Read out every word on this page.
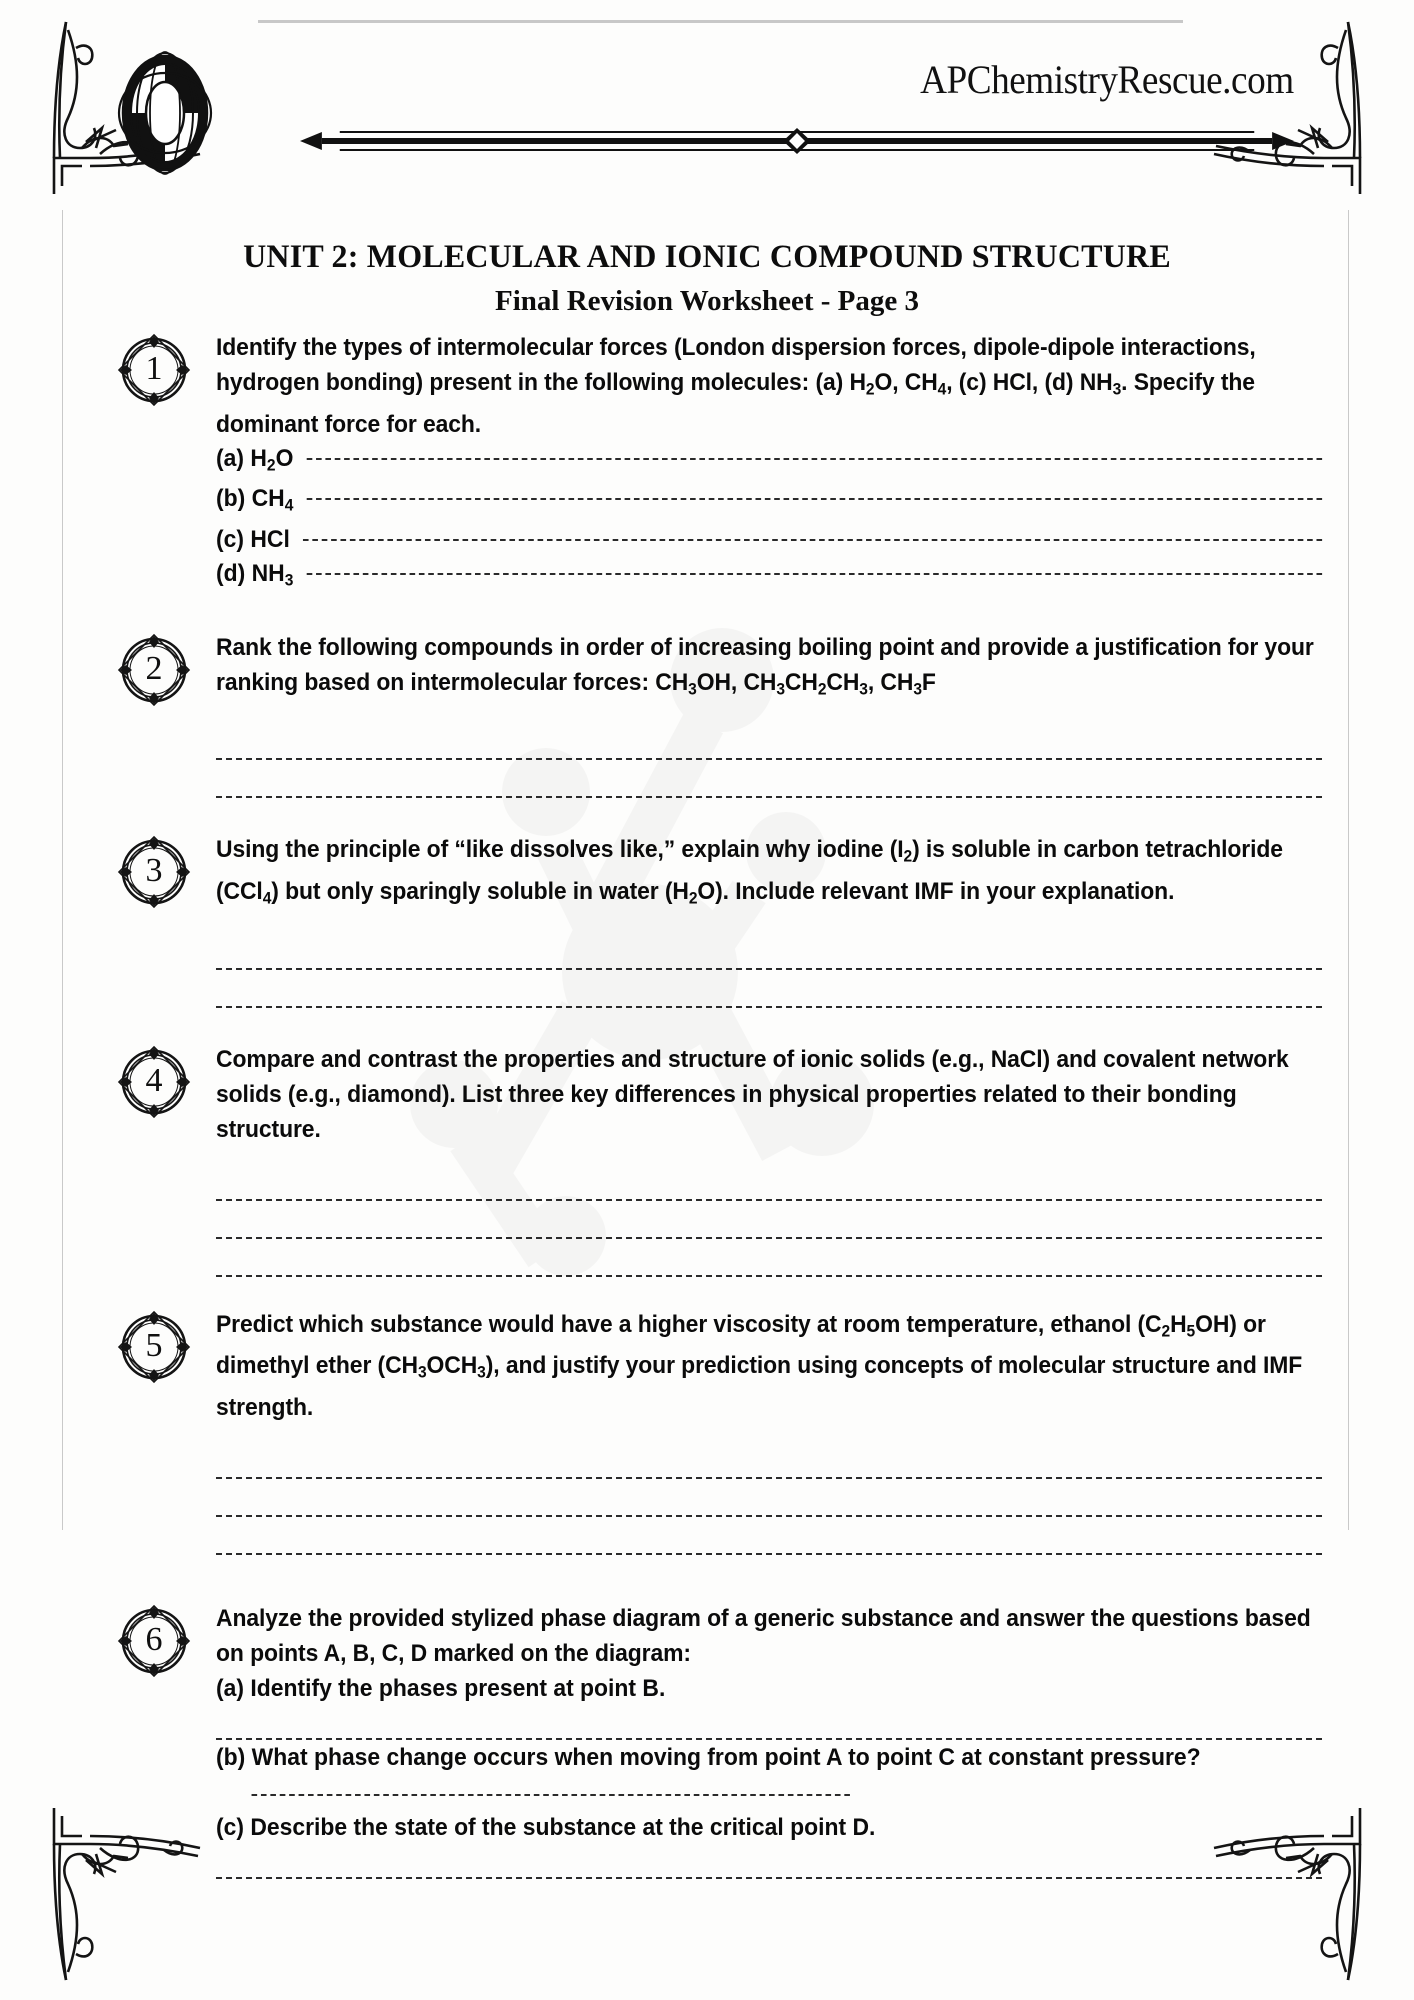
APChemistryRescue.com
UNIT 2: MOLECULAR AND IONIC COMPOUND STRUCTURE
Final Revision Worksheet - Page 3
1
Identify the types of intermolecular forces (London dispersion forces, dipole-dipole interactions, hydrogen bonding) present in the following molecules: (a) $H_2O$, $CH_4$, (c) HCl, (d) $NH_3$. Specify the dominant force for each.
(a) $H_2O$
(b) $CH_4$
(c) HCl
(d) $NH_3$
2
Rank the following compounds in order of increasing boiling point and provide a justification for your ranking based on intermolecular forces: $CH_3OH$, $CH_3CH_2CH_3$, $CH_3F$
3
Using the principle of “like dissolves like,” explain why iodine $(I_2)$ is soluble in carbon tetrachloride (CCl$_4$) but only sparingly soluble in water $(H_2O)$. Include relevant IMF in your explanation.
4
Compare and contrast the properties and structure of ionic solids (e.g., NaCl) and covalent network solids (e.g., diamond). List three key differences in physical properties related to their bonding structure.
5
Predict which substance would have a higher viscosity at room temperature, ethanol $(C_2H_5OH)$ or dimethyl ether $(CH_3OCH_3)$, and justify your prediction using concepts of molecular structure and IMF strength.
6
Analyze the provided stylized phase diagram of a generic substance and answer the questions based on points A, B, C, D marked on the diagram:
(a) Identify the phases present at point B.
(b) What phase change occurs when moving from point A to point C at constant pressure?
(c) Describe the state of the substance at the critical point D.
